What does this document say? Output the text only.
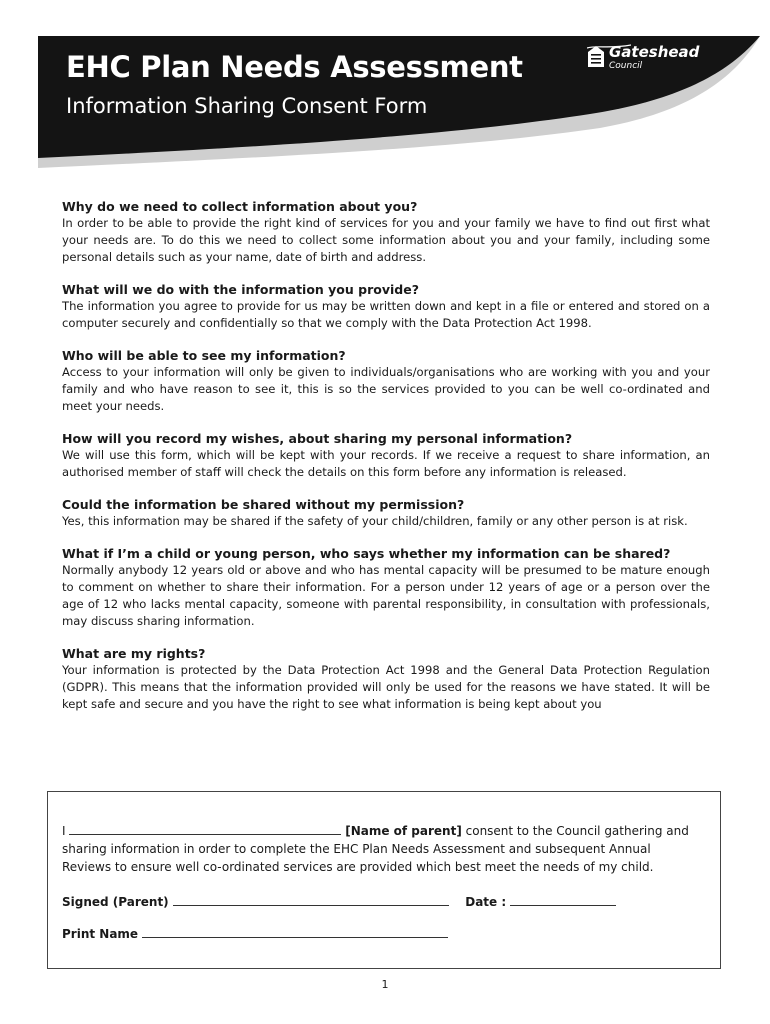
EHC Plan Needs Assessment
Information Sharing Consent Form
Gateshead
Council
Why do we need to collect information about you?

In order to be able to provide the right kind of services for you and your family we have to find out first what your needs are. To do this we need to collect some information about you and your family, including some personal details such as your name, date of birth and address.

What will we do with the information you provide?

The information you agree to provide for us may be written down and kept in a file or entered and stored on a computer securely and confidentially so that we comply with the Data Protection Act 1998.

Who will be able to see my information?

Access to your information will only be given to individuals/organisations who are working with you and your family and who have reason to see it, this is so the services provided to you can be well co-ordinated and meet your needs.

How will you record my wishes, about sharing my personal information?

We will use this form, which will be kept with your records. If we receive a request to share information, an authorised member of staff will check the details on this form before any information is released.

Could the information be shared without my permission?

Yes, this information may be shared if the safety of your child/children, family or any other person is at risk.

What if I’m a child or young person, who says whether my information can be shared?

Normally anybody 12 years old or above and who has mental capacity will be presumed to be mature enough to comment on whether to share their information. For a person under 12 years of age or a person over the age of 12 who lacks mental capacity, someone with parental responsibility, in consultation with professionals, may discuss sharing information.

What are my rights?

Your information is protected by the Data Protection Act 1998 and the General Data Protection Regulation (GDPR). This means that the information provided will only be used for the reasons we have stated. It will be kept safe and secure and you have the right to see what information is being kept about you

I	[Name of parent] consent to the Council gathering and sharing information in order to complete the EHC Plan Needs Assessment and subsequent Annual Reviews to ensure well co-ordinated services are provided which best meet the needs of my child.
Signed (Parent)	Date :
Print Name
1
